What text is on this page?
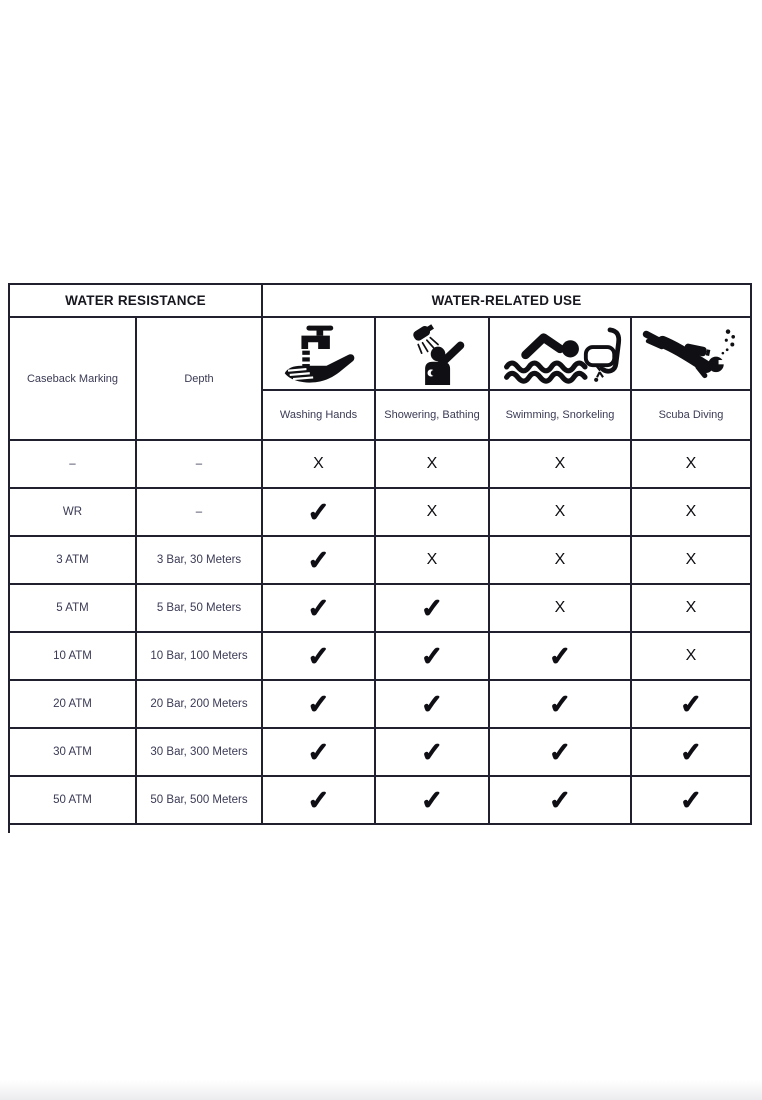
WATER RESISTANCE		WATER-RELATED USE			
Caseback Marking	Depth	

		Washing Hands	Showering, Bathing	Swimming, Snorkeling	Scuba Diving
–	–	X	X	X	X
WR	–	✓	X	X	X
3 ATM	3 Bar, 30 Meters	✓	X	X	X
5 ATM	5 Bar, 50 Meters	✓	✓	X	X
10 ATM	10 Bar, 100 Meters	✓	✓	✓	X
20 ATM	20 Bar, 200 Meters	✓	✓	✓	✓
30 ATM	30 Bar, 300 Meters	✓	✓	✓	✓
50 ATM	50 Bar, 500 Meters	✓	✓	✓	✓
